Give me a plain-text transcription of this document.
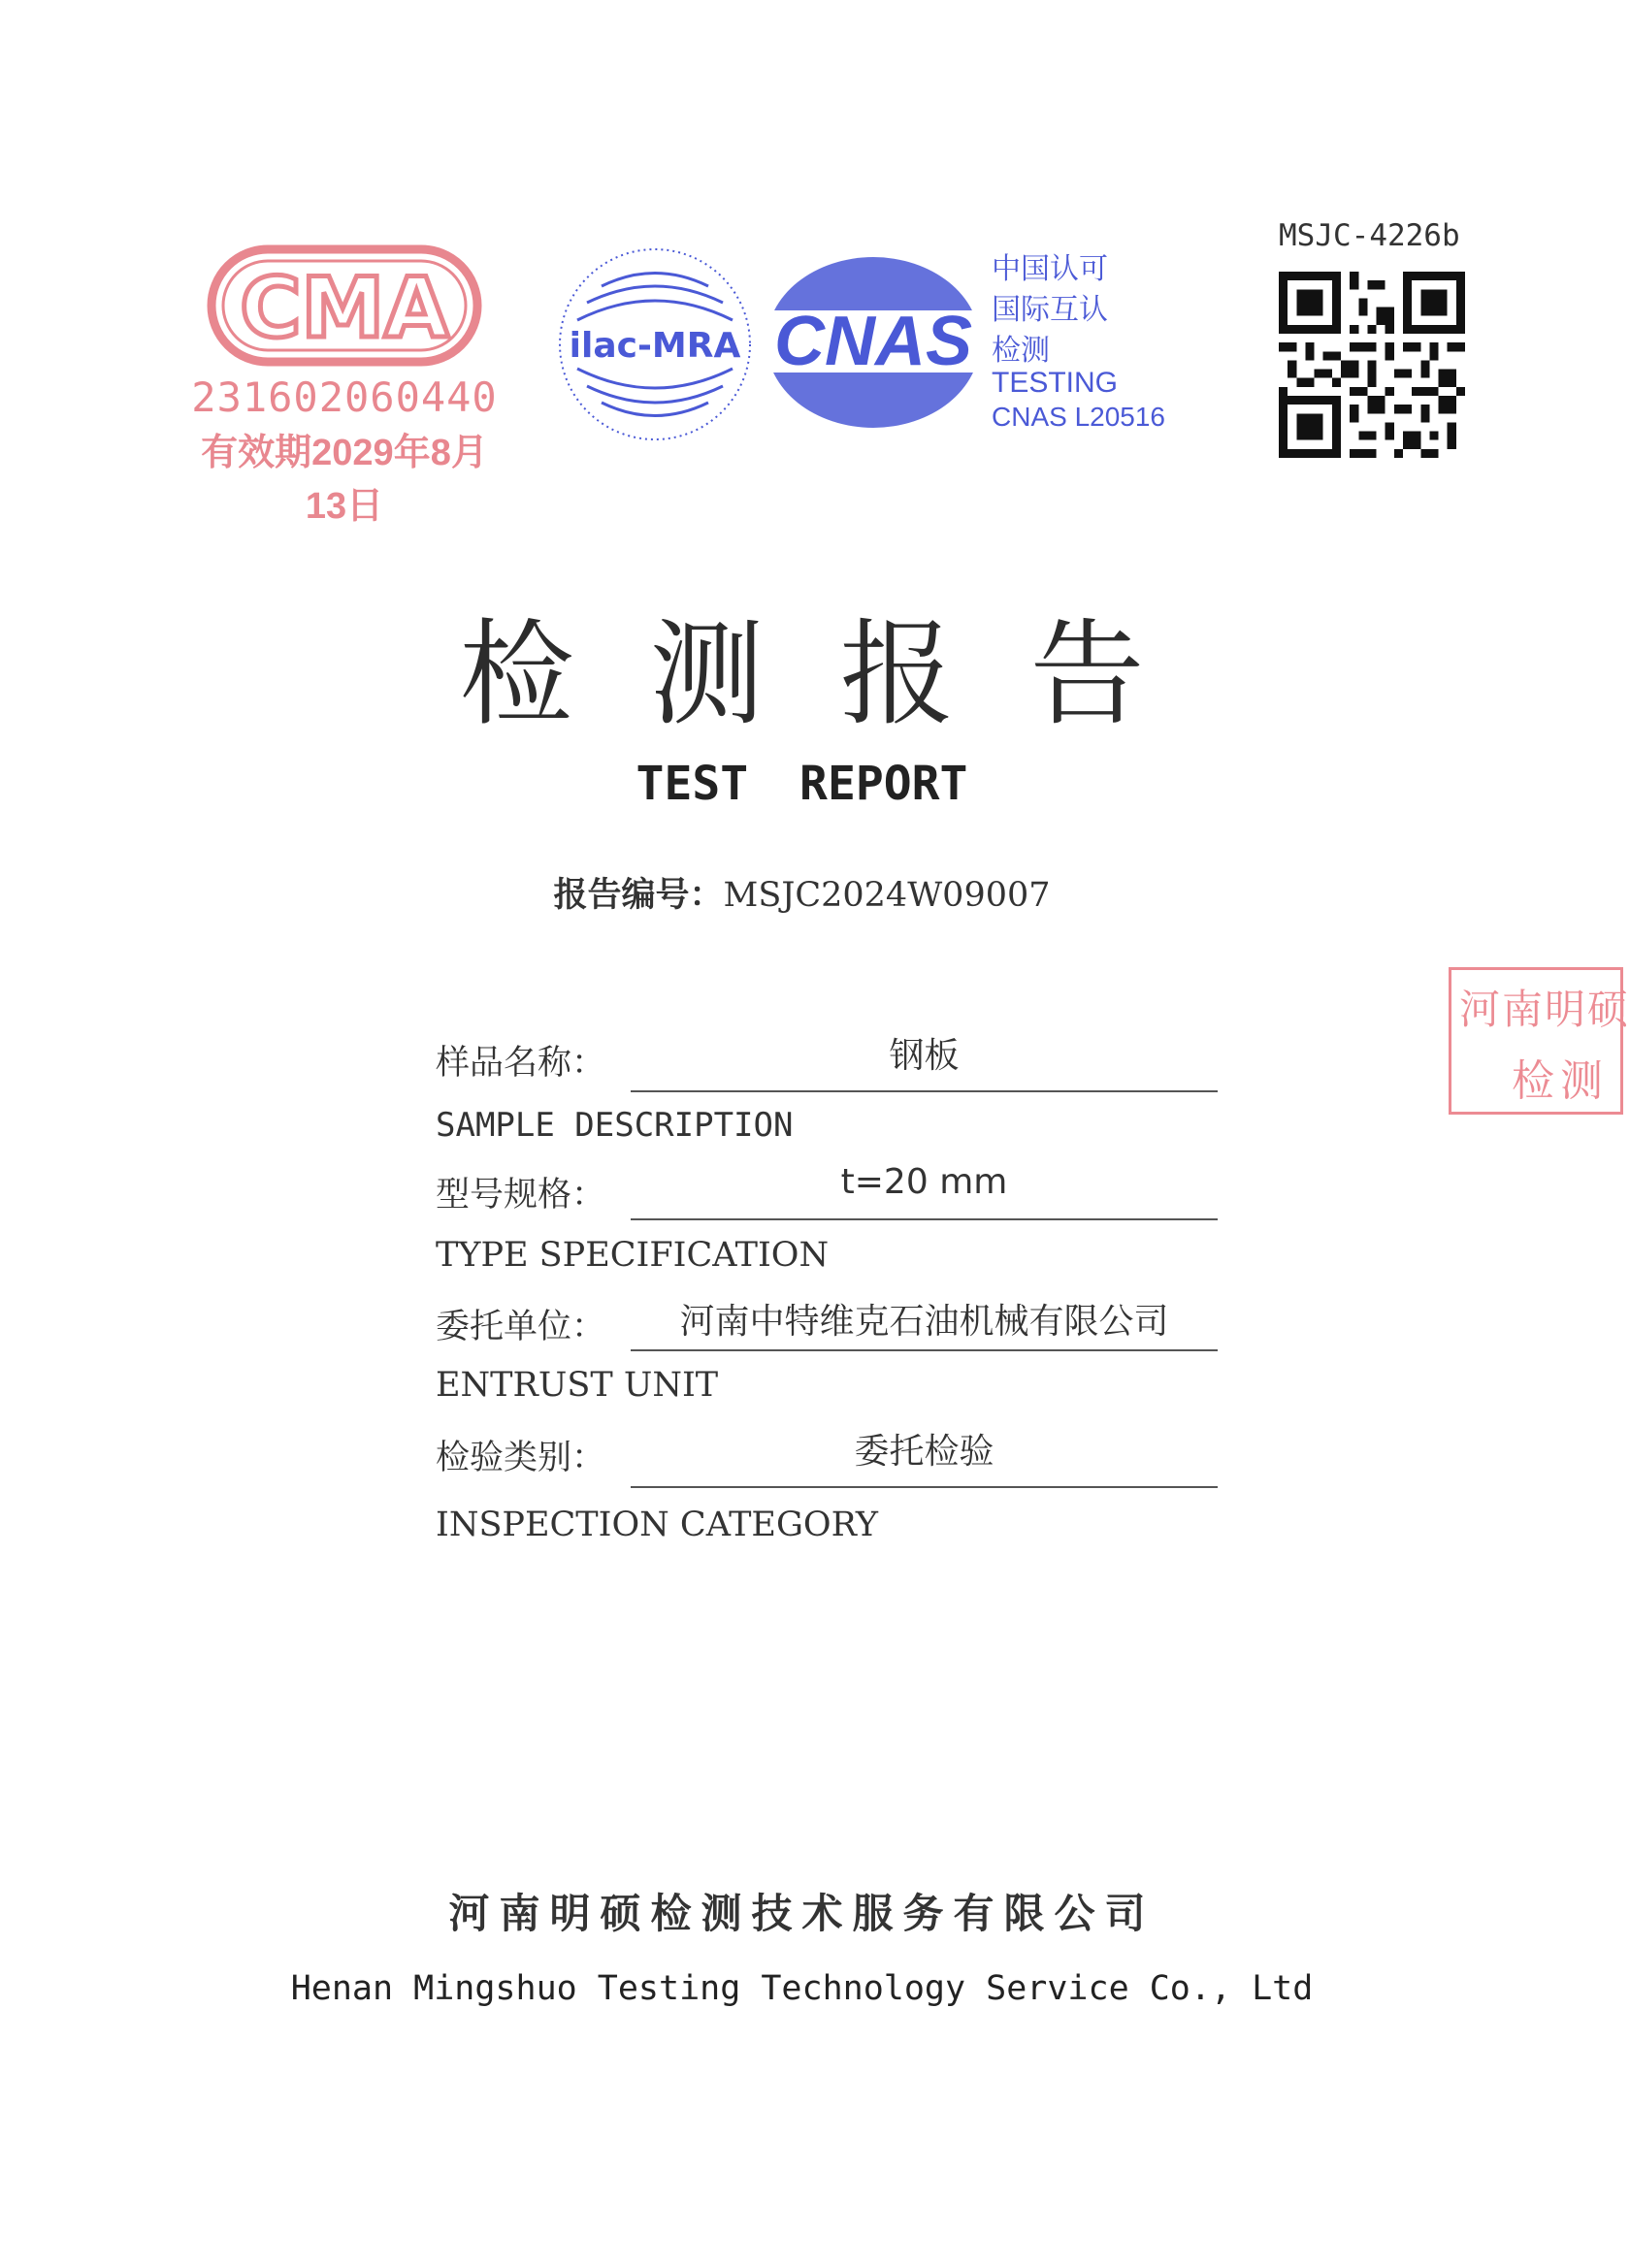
CMA
231602060440
有效期2029年8月13日
ilac-MRA CNAS
中国认可
国际互认
检测
TESTING
CNAS L20516
MSJC-4226b
检测报告
TEST REPORT
报告编号：MSJC2024W09007
河南明硕
检测
样品名称：	钢板
SAMPLE DESCRIPTION
型号规格：	t=20 mm
TYPE SPECIFICATION
委托单位：	河南中特维克石油机械有限公司
ENTRUST UNIT
检验类别：	委托检验
INSPECTION CATEGORY
河南明硕检测技术服务有限公司
Henan Mingshuo Testing Technology Service Co., Ltd
